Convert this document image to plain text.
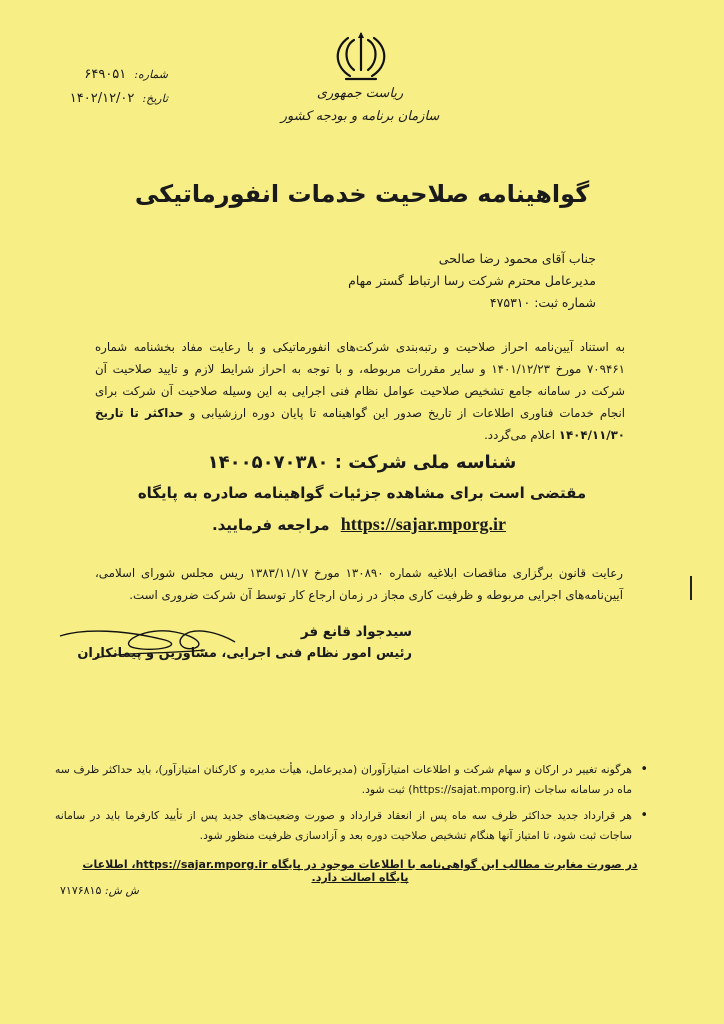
شماره:
۶۴۹۰۵۱
تاریخ:
۱۴۰۲/۱۲/۰۲	ریاست جمهوری
سازمان برنامه و بودجه کشور
گواهینامه صلاحیت خدمات انفورماتیکی
جناب آقای محمود رضا صالحی
مدیرعامل محترم شرکت رسا ارتباط گستر مهام
شماره ثبت: ۴۷۵۳۱۰
به استناد آیین‌نامه احراز صلاحیت و رتبه‌بندی شرکت‌های انفورماتیکی و با رعایت مفاد بخشنامه شماره ۷۰۹۴۶۱ مورخ ۱۴۰۱/۱۲/۲۳ و سایر مقررات مربوطه، و با توجه به احراز شرایط لازم و تایید صلاحیت آن شرکت در سامانه جامع تشخیص صلاحیت عوامل نظام فنی اجرایی به این وسیله صلاحیت آن شرکت برای انجام خدمات فناوری اطلاعات از تاریخ صدور این گواهینامه تا پایان دوره ارزشیابی و حداکثر تا تاریخ ۱۴۰۴/۱۱/۳۰ اعلام می‌گردد.
شناسه ملی شرکت : ۱۴۰۰۵۰۷۰۳۸۰
مقتضی است برای مشاهده جزئیات گواهینامه صادره به پایگاه
https://sajar.mporg.ir مراجعه فرمایید.
رعایت قانون برگزاری مناقصات ابلاغیه شماره ۱۳۰۸۹۰ مورخ ۱۳۸۳/۱۱/۱۷ ریس مجلس شورای اسلامی، آیین‌نامه‌های اجرایی مربوطه و ظرفیت کاری مجاز در زمان ارجاع کار توسط آن شرکت ضروری است.
سیدجواد قانع فر
رئیس امور نظام فنی اجرایی، مشاورین و پیمانکاران
•
هرگونه تغییر در ارکان و سهام شرکت و اطلاعات امتیازآوران (مدیرعامل، هیأت مدیره و کارکنان امتیازآور)، باید حداکثر ظرف سه ماه در سامانه ساجات (https://sajat.mporg.ir) ثبت شود.
•
هر قرارداد جدید حداکثر ظرف سه ماه پس از انعقاد قرارداد و صورت وضعیت‌های جدید پس از تأیید کارفرما باید در سامانه ساجات ثبت شود، تا امتیاز آنها هنگام تشخیص صلاحیت دوره بعد و آزادسازی ظرفیت منظور شود.
در صورت مغایرت مطالب این گواهی‌نامه با اطلاعات موجود در پایگاه https://sajar.mporg.ir، اطلاعات پایگاه اصالت دارد.
ش ش: ۷۱۷۶۸۱۵
